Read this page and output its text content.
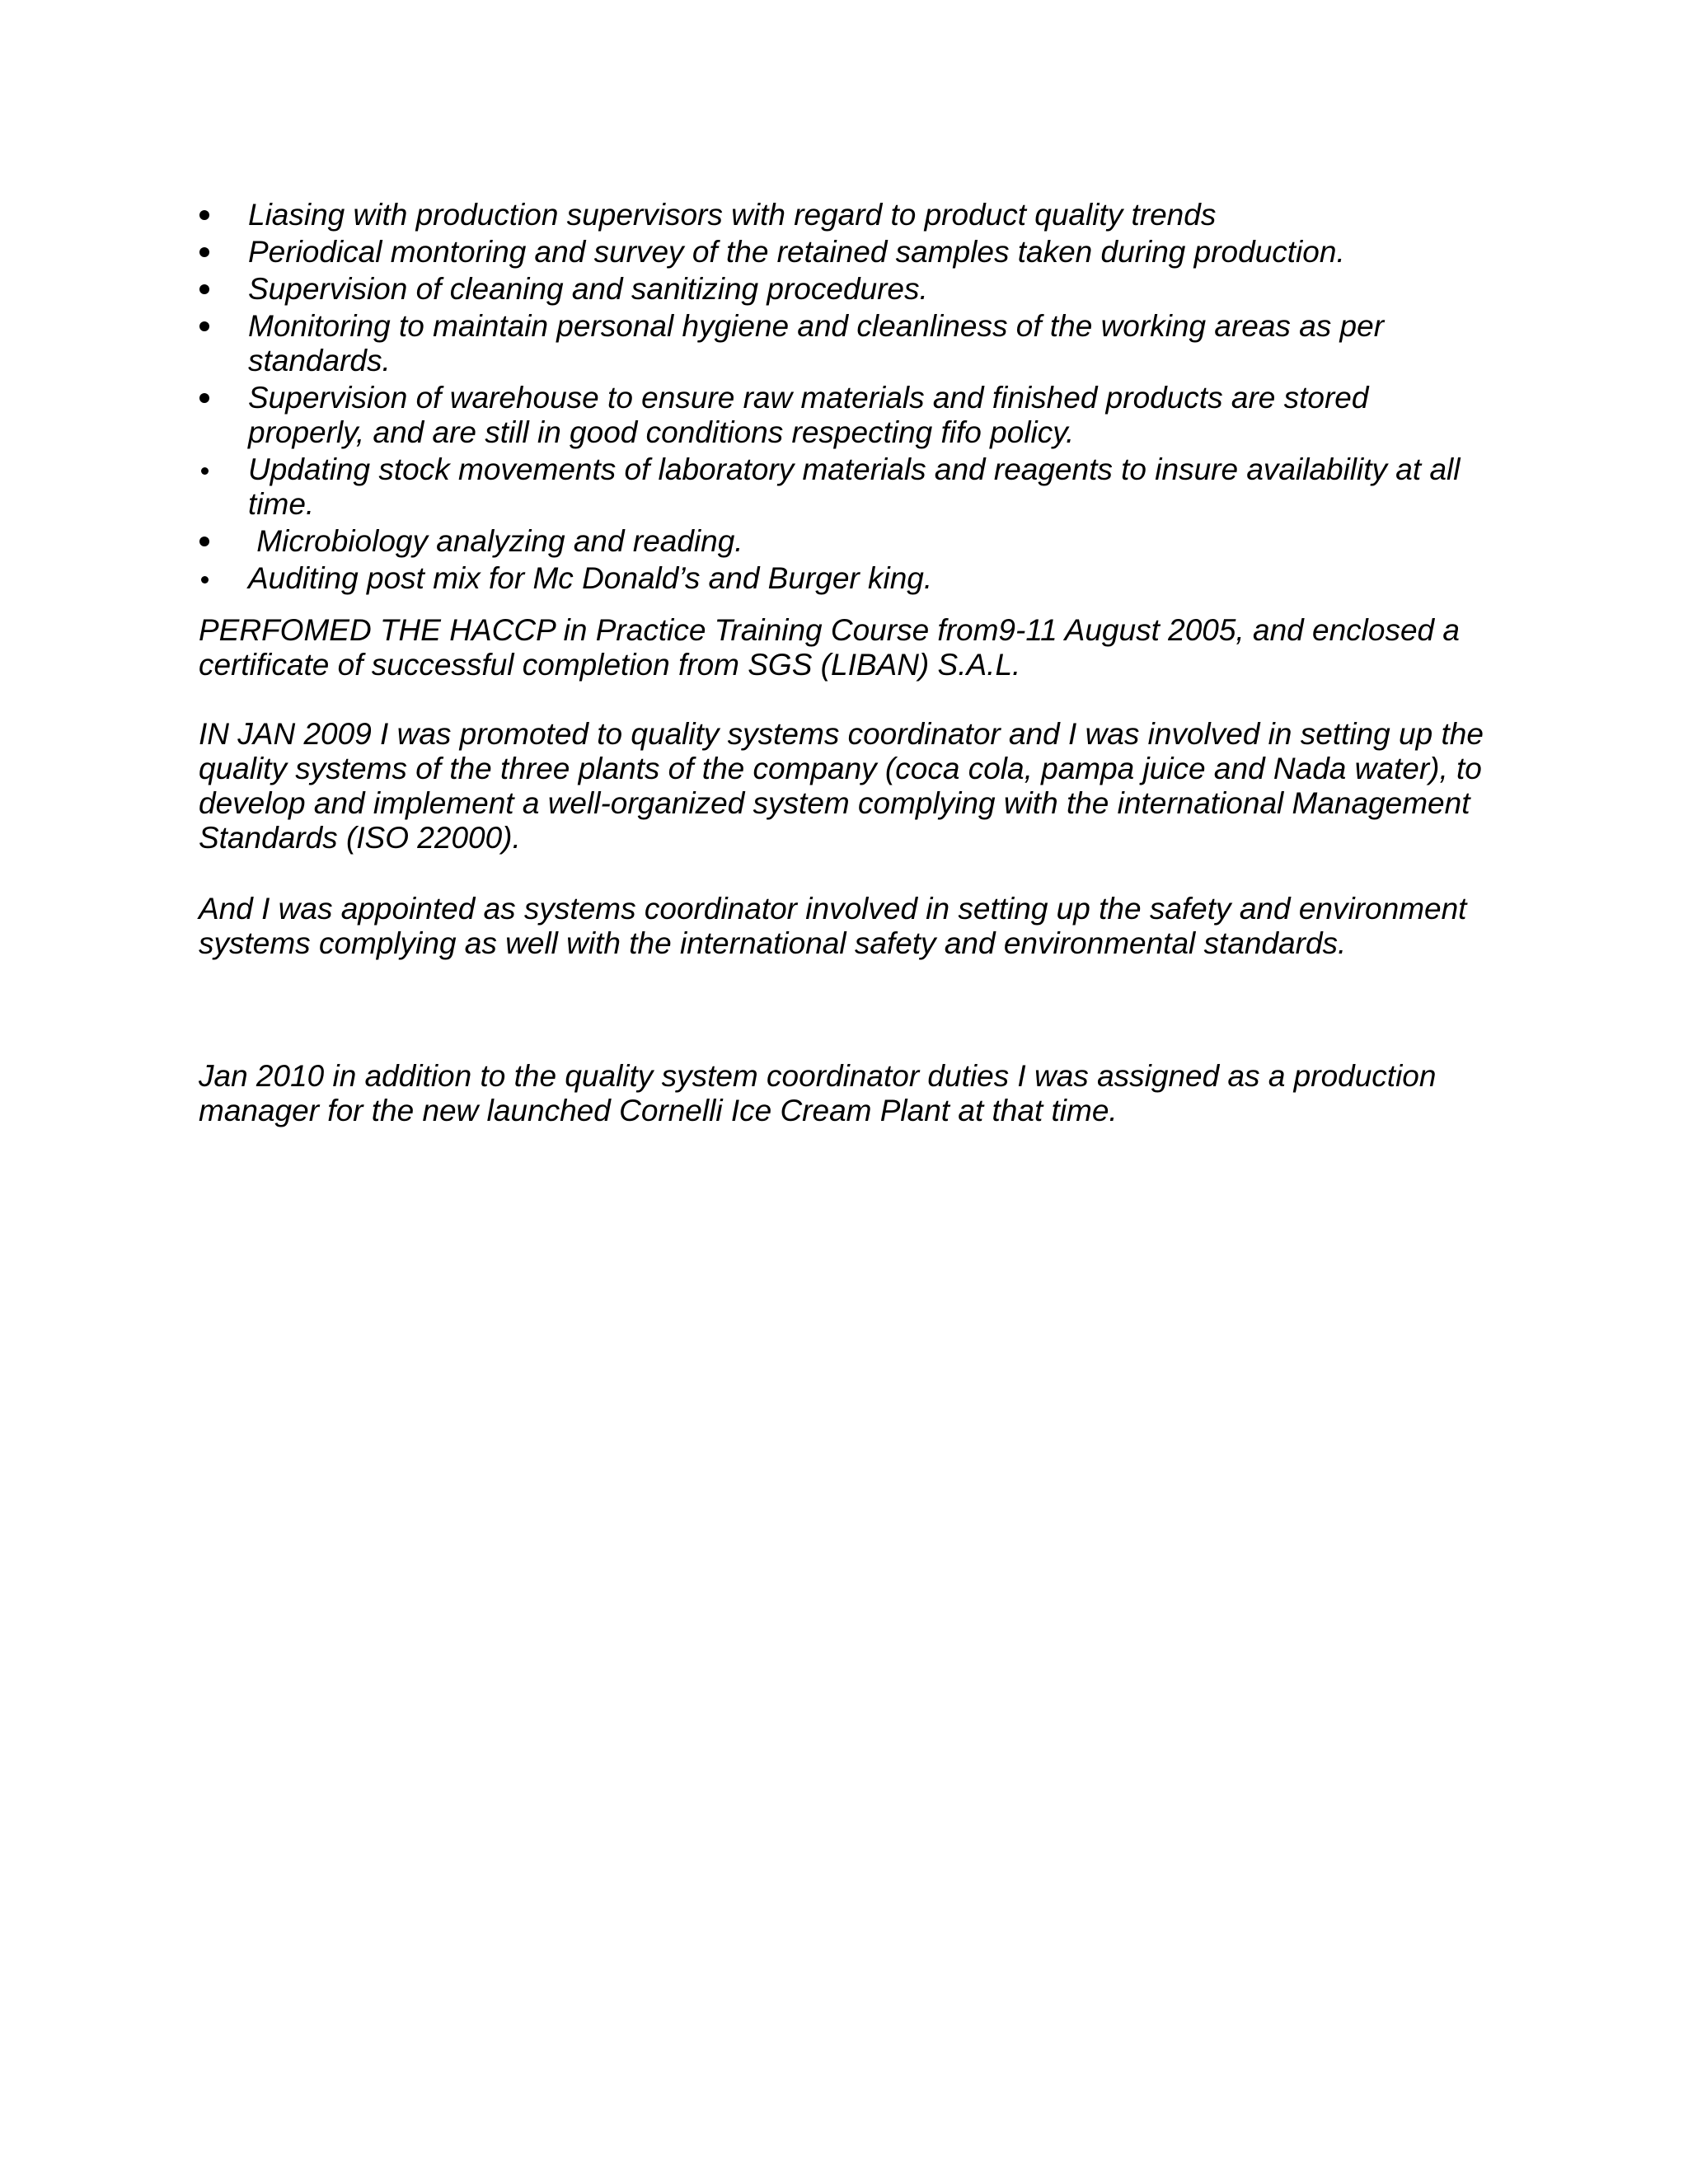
Liasing with production supervisors with regard to product quality trends
Periodical montoring and survey of the retained samples taken during production.
Supervision of cleaning and sanitizing procedures.
Monitoring to maintain personal hygiene and cleanliness of the working areas as per standards.
Supervision of warehouse to ensure raw materials and finished products are stored properly, and are still in good conditions respecting fifo policy.
Updating stock movements of laboratory materials and reagents to insure availability at all time.
Microbiology analyzing and reading.
Auditing post mix for Mc Donald’s and Burger king.

PERFOMED THE HACCP in Practice Training Course from9-11 August 2005, and enclosed a certificate of successful completion from SGS (LIBAN) S.A.L.

IN JAN 2009 I was promoted to quality systems coordinator and I was involved in setting up the quality systems of the three plants of the company (coca cola, pampa juice and Nada water), to develop and implement a well-organized system complying with the international Management Standards (ISO 22000).

And I was appointed as systems coordinator involved in setting up the safety and environment systems complying as well with the international safety and environmental standards.

Jan 2010 in addition to the quality system coordinator duties I was assigned as a production manager for the new launched Cornelli Ice Cream Plant at that time.
